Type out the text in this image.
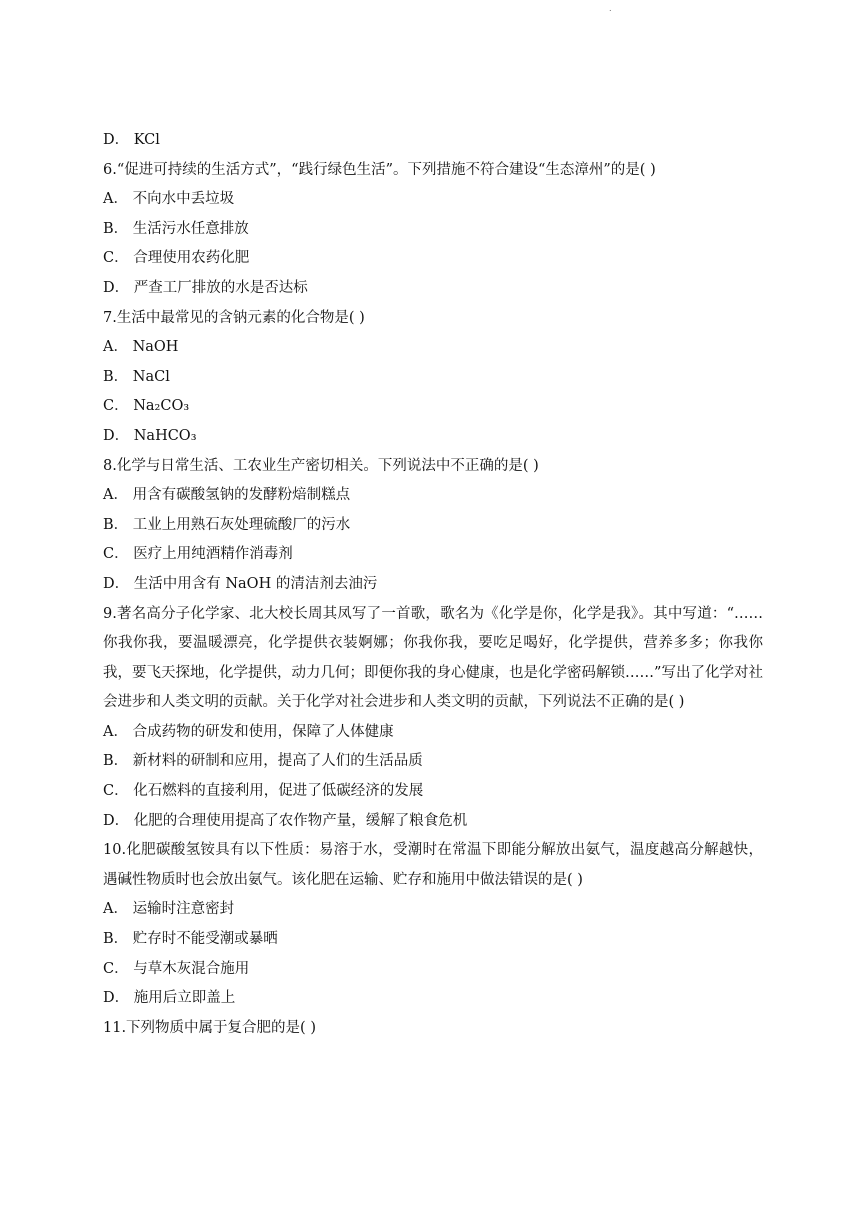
.
D． KCl
6.“促进可持续的生活方式”，“践行绿色生活”。下列措施不符合建设“生态漳州”的是( )
A． 不向水中丢垃圾
B． 生活污水任意排放
C． 合理使用农药化肥
D． 严查工厂排放的水是否达标
7.生活中最常见的含钠元素的化合物是( )
A． NaOH
B． NaCl
C． Na₂CO₃
D． NaHCO₃
8.化学与日常生活、工农业生产密切相关。下列说法中不正确的是( )
A． 用含有碳酸氢钠的发酵粉焙制糕点
B． 工业上用熟石灰处理硫酸厂的污水
C． 医疗上用纯酒精作消毒剂
D． 生活中用含有 NaOH 的清洁剂去油污
9.著名高分子化学家、北大校长周其凤写了一首歌，歌名为《化学是你，化学是我》。其中写道：“……你我你我，要温暖漂亮，化学提供衣装婀娜；你我你我，要吃足喝好，化学提供，营养多多；你我你我，要飞天探地，化学提供，动力几何；即便你我的身心健康，也是化学密码解锁……”写出了化学对社会进步和人类文明的贡献。关于化学对社会进步和人类文明的贡献，下列说法不正确的是( )
A． 合成药物的研发和使用，保障了人体健康
B． 新材料的研制和应用，提高了人们的生活品质
C． 化石燃料的直接利用，促进了低碳经济的发展
D． 化肥的合理使用提高了农作物产量，缓解了粮食危机
10.化肥碳酸氢铵具有以下性质：易溶于水，受潮时在常温下即能分解放出氨气，温度越高分解越快，遇碱性物质时也会放出氨气。该化肥在运输、贮存和施用中做法错误的是( )
A． 运输时注意密封
B． 贮存时不能受潮或暴晒
C． 与草木灰混合施用
D． 施用后立即盖上
11.下列物质中属于复合肥的是( )
